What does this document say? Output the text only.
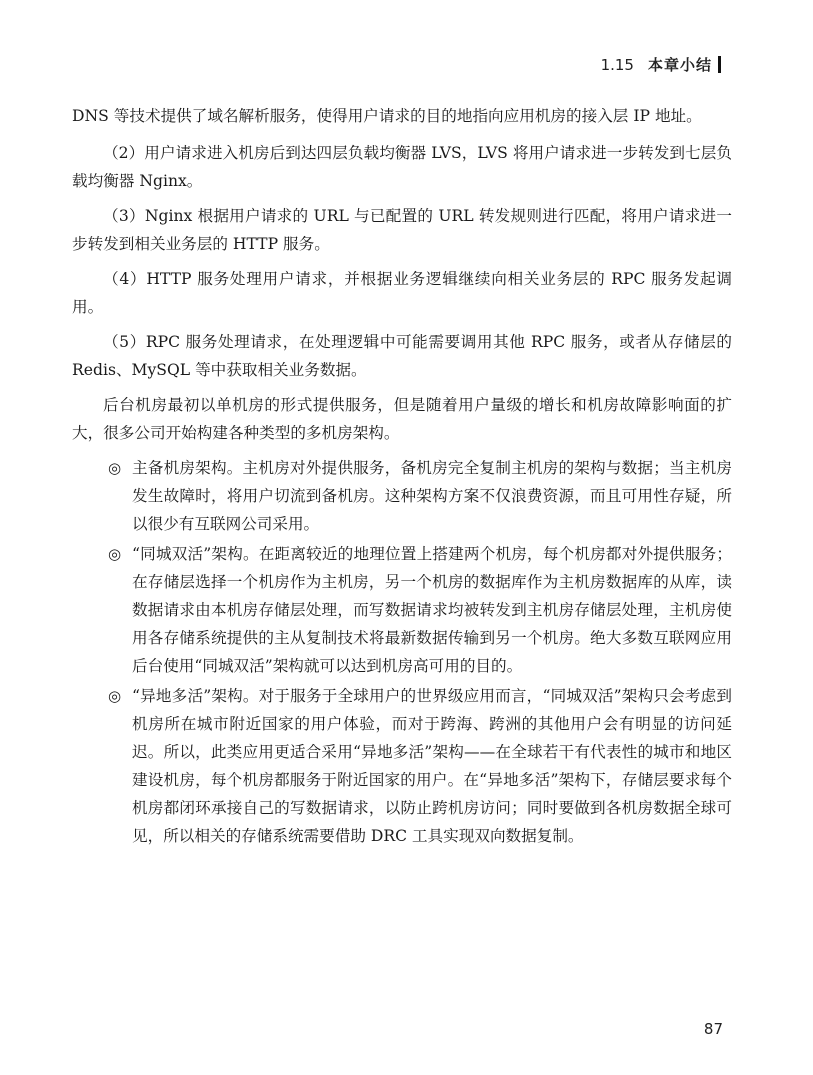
1.15 本章小结

DNS 等技术提供了域名解析服务，使得用户请求的目的地指向应用机房的接入层 IP 地址。

（2）用户请求进入机房后到达四层负载均衡器 LVS，LVS 将用户请求进一步转发到七层负载均衡器 Nginx。

（3）Nginx 根据用户请求的 URL 与已配置的 URL 转发规则进行匹配，将用户请求进一步转发到相关业务层的 HTTP 服务。

（4）HTTP 服务处理用户请求，并根据业务逻辑继续向相关业务层的 RPC 服务发起调用。

（5）RPC 服务处理请求，在处理逻辑中可能需要调用其他 RPC 服务，或者从存储层的 Redis、MySQL 等中获取相关业务数据。

后台机房最初以单机房的形式提供服务，但是随着用户量级的增长和机房故障影响面的扩大，很多公司开始构建各种类型的多机房架构。

◎ 主备机房架构。主机房对外提供服务，备机房完全复制主机房的架构与数据；当主机房发生故障时，将用户切流到备机房。这种架构方案不仅浪费资源，而且可用性存疑，所以很少有互联网公司采用。
◎ “同城双活”架构。在距离较近的地理位置上搭建两个机房，每个机房都对外提供服务；在存储层选择一个机房作为主机房，另一个机房的数据库作为主机房数据库的从库，读数据请求由本机房存储层处理，而写数据请求均被转发到主机房存储层处理，主机房使用各存储系统提供的主从复制技术将最新数据传输到另一个机房。绝大多数互联网应用后台使用“同城双活”架构就可以达到机房高可用的目的。
◎ “异地多活”架构。对于服务于全球用户的世界级应用而言，“同城双活”架构只会考虑到机房所在城市附近国家的用户体验，而对于跨海、跨洲的其他用户会有明显的访问延迟。所以，此类应用更适合采用“异地多活”架构——在全球若干有代表性的城市和地区建设机房，每个机房都服务于附近国家的用户。在“异地多活”架构下，存储层要求每个机房都闭环承接自己的写数据请求，以防止跨机房访问；同时要做到各机房数据全球可见，所以相关的存储系统需要借助 DRC 工具实现双向数据复制。
87
